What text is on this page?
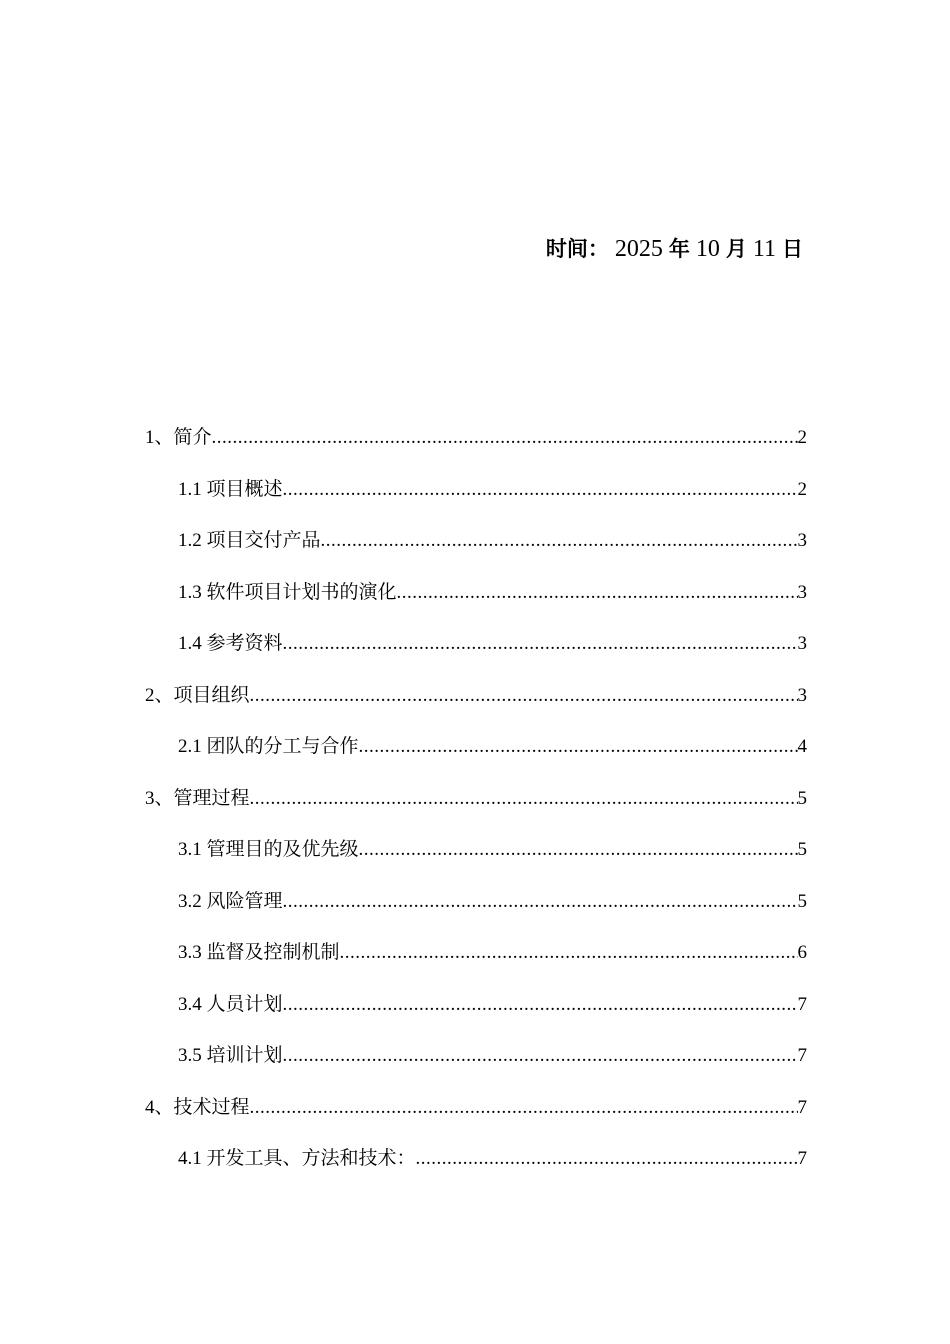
时间： 2025 年 10 月 11 日
1、简介 .....	2
1.1 项目概述 .....	2
1.2 项目交付产品 .....	3
1.3 软件项目计划书的演化 .....	3
1.4 参考资料 .....	3
2、项目组织 .....	3
2.1 团队的分工与合作 .....	4
3、管理过程 .....	5
3.1 管理目的及优先级 .....	5
3.2 风险管理 .....	5
3.3 监督及控制机制 .....	6
3.4 人员计划 .....	7
3.5 培训计划 .....	7
4、技术过程 .....	7
4.1 开发工具、方法和技术： .....	7
